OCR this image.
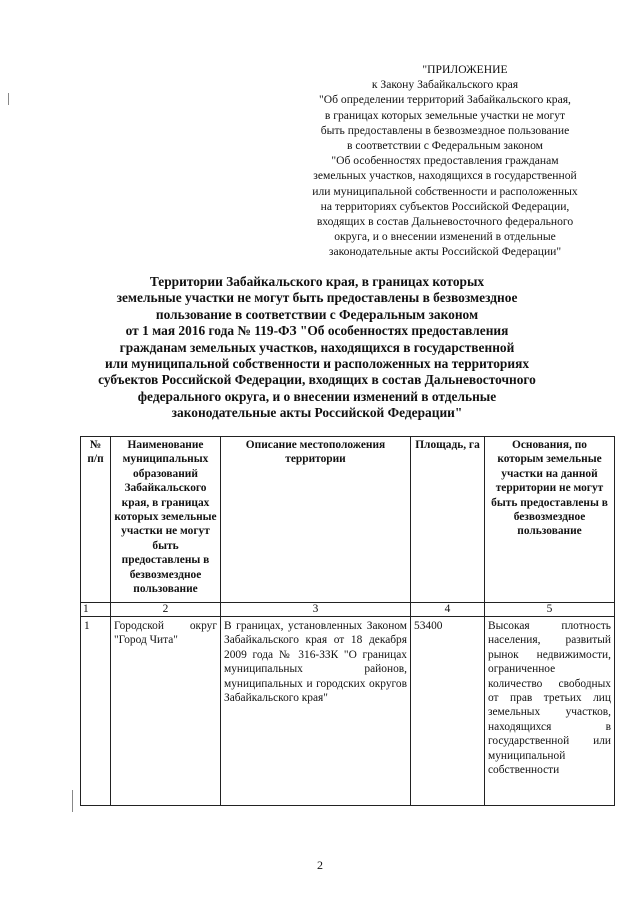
"ПРИЛОЖЕНИЕ
к Закону Забайкальского края
"Об определении территорий Забайкальского края,
в границах которых земельные участки не могут
быть предоставлены в безвозмездное пользование
в соответствии с Федеральным законом
"Об особенностях предоставления гражданам
земельных участков, находящихся в государственной
или муниципальной собственности и расположенных
на территориях субъектов Российской Федерации,
входящих в состав Дальневосточного федерального
округа, и о внесении изменений в отдельные
законодательные акты Российской Федерации"
Территории Забайкальского края, в границах которых
земельные участки не могут быть предоставлены в безвозмездное
пользование в соответствии с Федеральным законом
от 1 мая 2016 года № 119-ФЗ "Об особенностях предоставления
гражданам земельных участков, находящихся в государственной
или муниципальной собственности и расположенных на территориях
субъектов Российской Федерации, входящих в состав Дальневосточного
федерального округа, и о внесении изменений в отдельные
законодательные акты Российской Федерации"
№ п/п	Наименование муниципальных образований Забайкальского края, в границах которых земельные участки не могут быть предоставлены в безвозмездное пользование	Описание местоположения территории	Площадь, га	Основания, по которым земельные участки на данной территории не могут быть предоставлены в безвозмездное пользование
1	2	3	4	5
1	Городской округ "Город Чита"	В границах, установленных Законом Забайкальского края от 18 декабря 2009 года № 316-ЗЗК "О границах муниципальных районов, муниципальных и городских округов Забайкальского края"	53400	Высокая плотность населения, развитый рынок недвижимости, ограниченное количество свободных от прав третьих лиц земельных участков, находящихся в государственной или муниципальной собственности
2
